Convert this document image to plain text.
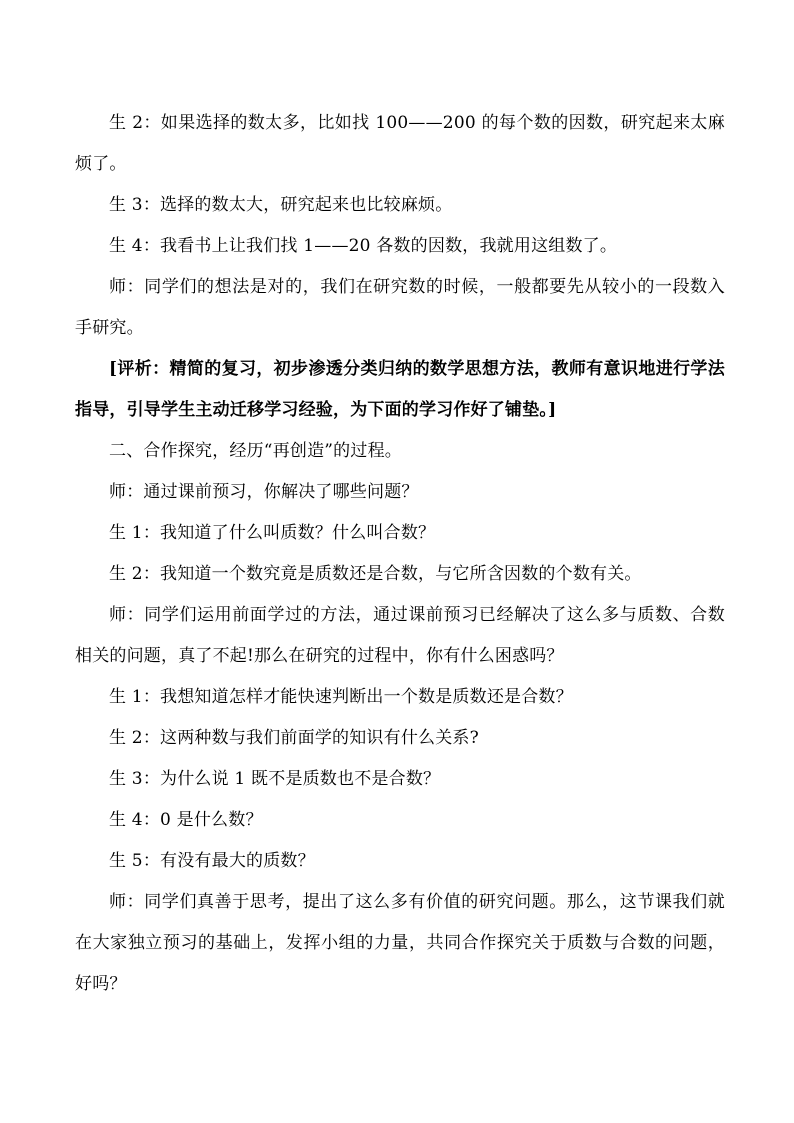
生 2：如果选择的数太多，比如找 100——200 的每个数的因数，研究起来太麻烦了。

生 3：选择的数太大，研究起来也比较麻烦。

生 4：我看书上让我们找 1——20 各数的因数，我就用这组数了。

师：同学们的想法是对的，我们在研究数的时候，一般都要先从较小的一段数入手研究。

[评析：精简的复习，初步渗透分类归纳的数学思想方法，教师有意识地进行学法指导，引导学生主动迁移学习经验，为下面的学习作好了铺垫。]

二、合作探究，经历“再创造”的过程。

师：通过课前预习，你解决了哪些问题？

生 1：我知道了什么叫质数？什么叫合数？

生 2：我知道一个数究竟是质数还是合数，与它所含因数的个数有关。

师：同学们运用前面学过的方法，通过课前预习已经解决了这么多与质数、合数相关的问题，真了不起!那么在研究的过程中，你有什么困惑吗？

生 1：我想知道怎样才能快速判断出一个数是质数还是合数？

生 2：这两种数与我们前面学的知识有什么关系?

生 3：为什么说 1 既不是质数也不是合数？

生 4：0 是什么数？

生 5：有没有最大的质数？

师：同学们真善于思考，提出了这么多有价值的研究问题。那么，这节课我们就在大家独立预习的基础上，发挥小组的力量，共同合作探究关于质数与合数的问题，好吗？
